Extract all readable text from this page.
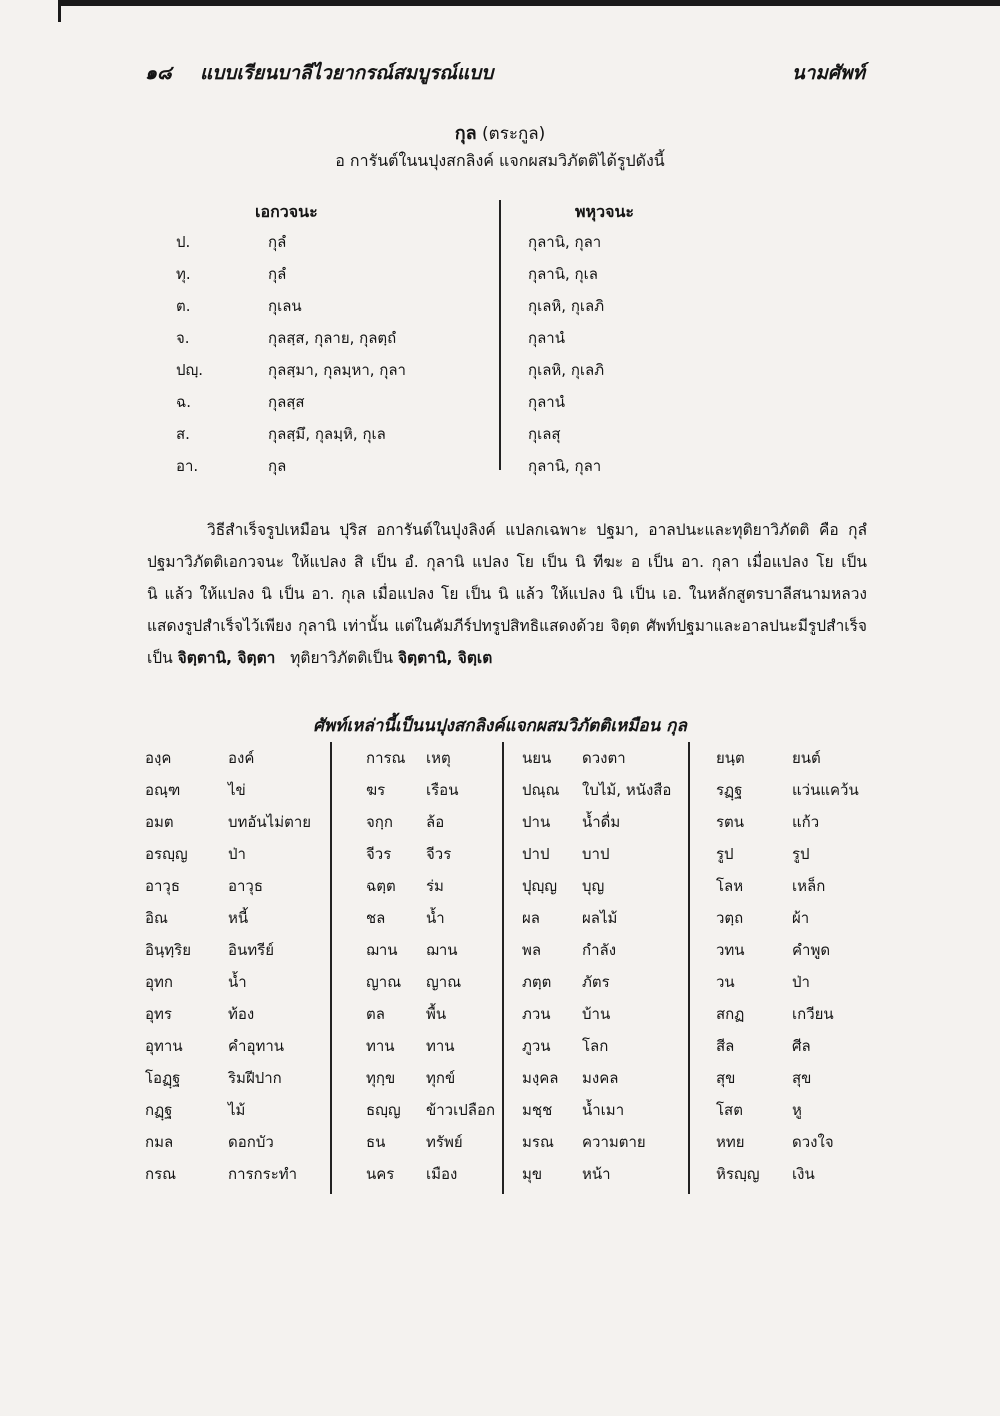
๑๘ แบบเรียนบาลีไวยากรณ์สมบูรณ์แบบ	นามศัพท์
กุล (ตระกูล)
อ การันต์ในนปุงสกลิงค์ แจกผสมวิภัตติได้รูปดังนี้
เอกวจนะ	พหุวจนะ
ป.	กุลํ	กุลานิ, กุลา
ทุ.	กุลํ	กุลานิ, กุเล
ต.	กุเลน	กุเลหิ, กุเลภิ
จ.	กุลสฺส, กุลาย, กุลตฺถํ	กุลานํ
ปญฺ.	กุลสฺมา, กุลมฺหา, กุลา	กุเลหิ, กุเลภิ
ฉ.	กุลสฺส	กุลานํ
ส.	กุลสฺมึ, กุลมฺหิ, กุเล	กุเลสุ
อา.	กุล	กุลานิ, กุลา
วิธีสำเร็จรูปเหมือน ปุริส อการันต์ในปุงลิงค์ แปลกเฉพาะ ปฐมา, อาลปนะและทุติยาวิภัตติ คือ กุลํ
ปฐมาวิภัตติเอกวจนะ ให้แปลง สิ เป็น อํ. กุลานิ แปลง โย เป็น นิ ทีฆะ อ เป็น อา. กุลา เมื่อแปลง โย เป็น
นิ แล้ว ให้แปลง นิ เป็น อา. กุเล เมื่อแปลง โย เป็น นิ แล้ว ให้แปลง นิ เป็น เอ. ในหลักสูตรบาลีสนามหลวง
แสดงรูปสำเร็จไว้เพียง กุลานิ เท่านั้น แต่ในคัมภีร์ปทรูปสิทธิแสดงด้วย จิตฺต ศัพท์ปฐมาและอาลปนะมีรูปสำเร็จ
เป็น จิตฺตานิ, จิตฺตา ทุติยาวิภัตติเป็น จิตฺตานิ, จิตฺเต
ศัพท์เหล่านี้เป็นนปุงสกลิงค์แจกผสมวิภัตติเหมือน กุล
องฺค	องค์
อณฺฑ	ไข่
อมต	บทอันไม่ตาย
อรญฺญ	ป่า
อาวุธ	อาวุธ
อิณ	หนี้
อินฺทฺริย อินทรีย์
อุทก	น้ำ
อุทร	ท้อง
อุทาน	คำอุทาน
โอฏฺฐ	ริมฝีปาก
กฏฺฐ	ไม้
กมล	ดอกบัว
กรณ	การกระทำ
การณ เหตุ
ฆร	เรือน
จกฺก ล้อ
จีวร จีวร
ฉตฺต ร่ม
ชล	น้ำ
ฌาน ฌาน
ญาณ ญาณ
ตล	พื้น
ทาน ทาน
ทุกฺข ทุกข์
ธญฺญ ข้าวเปลือก
ธน	ทรัพย์
นคร เมือง
นยน ดวงตา
ปณฺณ ใบไม้, หนังสือ
ปาน น้ำดื่ม
ปาป บาป
ปุญฺญ บุญ
ผล	ผลไม้
พล	กำลัง
ภตฺต ภัตร
ภวน บ้าน
ภูวน โลก
มงฺคล มงคล
มชฺช น้ำเมา
มรณ ความตาย
มุข	หน้า
ยนฺต	ยนต์
รฏฺฐ	แว่นแคว้น
รตน	แก้ว
รูป	รูป
โลห	เหล็ก
วตฺถ	ผ้า
วทน	คำพูด
วน	ป่า
สกฏ	เกวียน
สีล	ศีล
สุข	สุข
โสต	หู
หทย	ดวงใจ
หิรญฺญ เงิน
